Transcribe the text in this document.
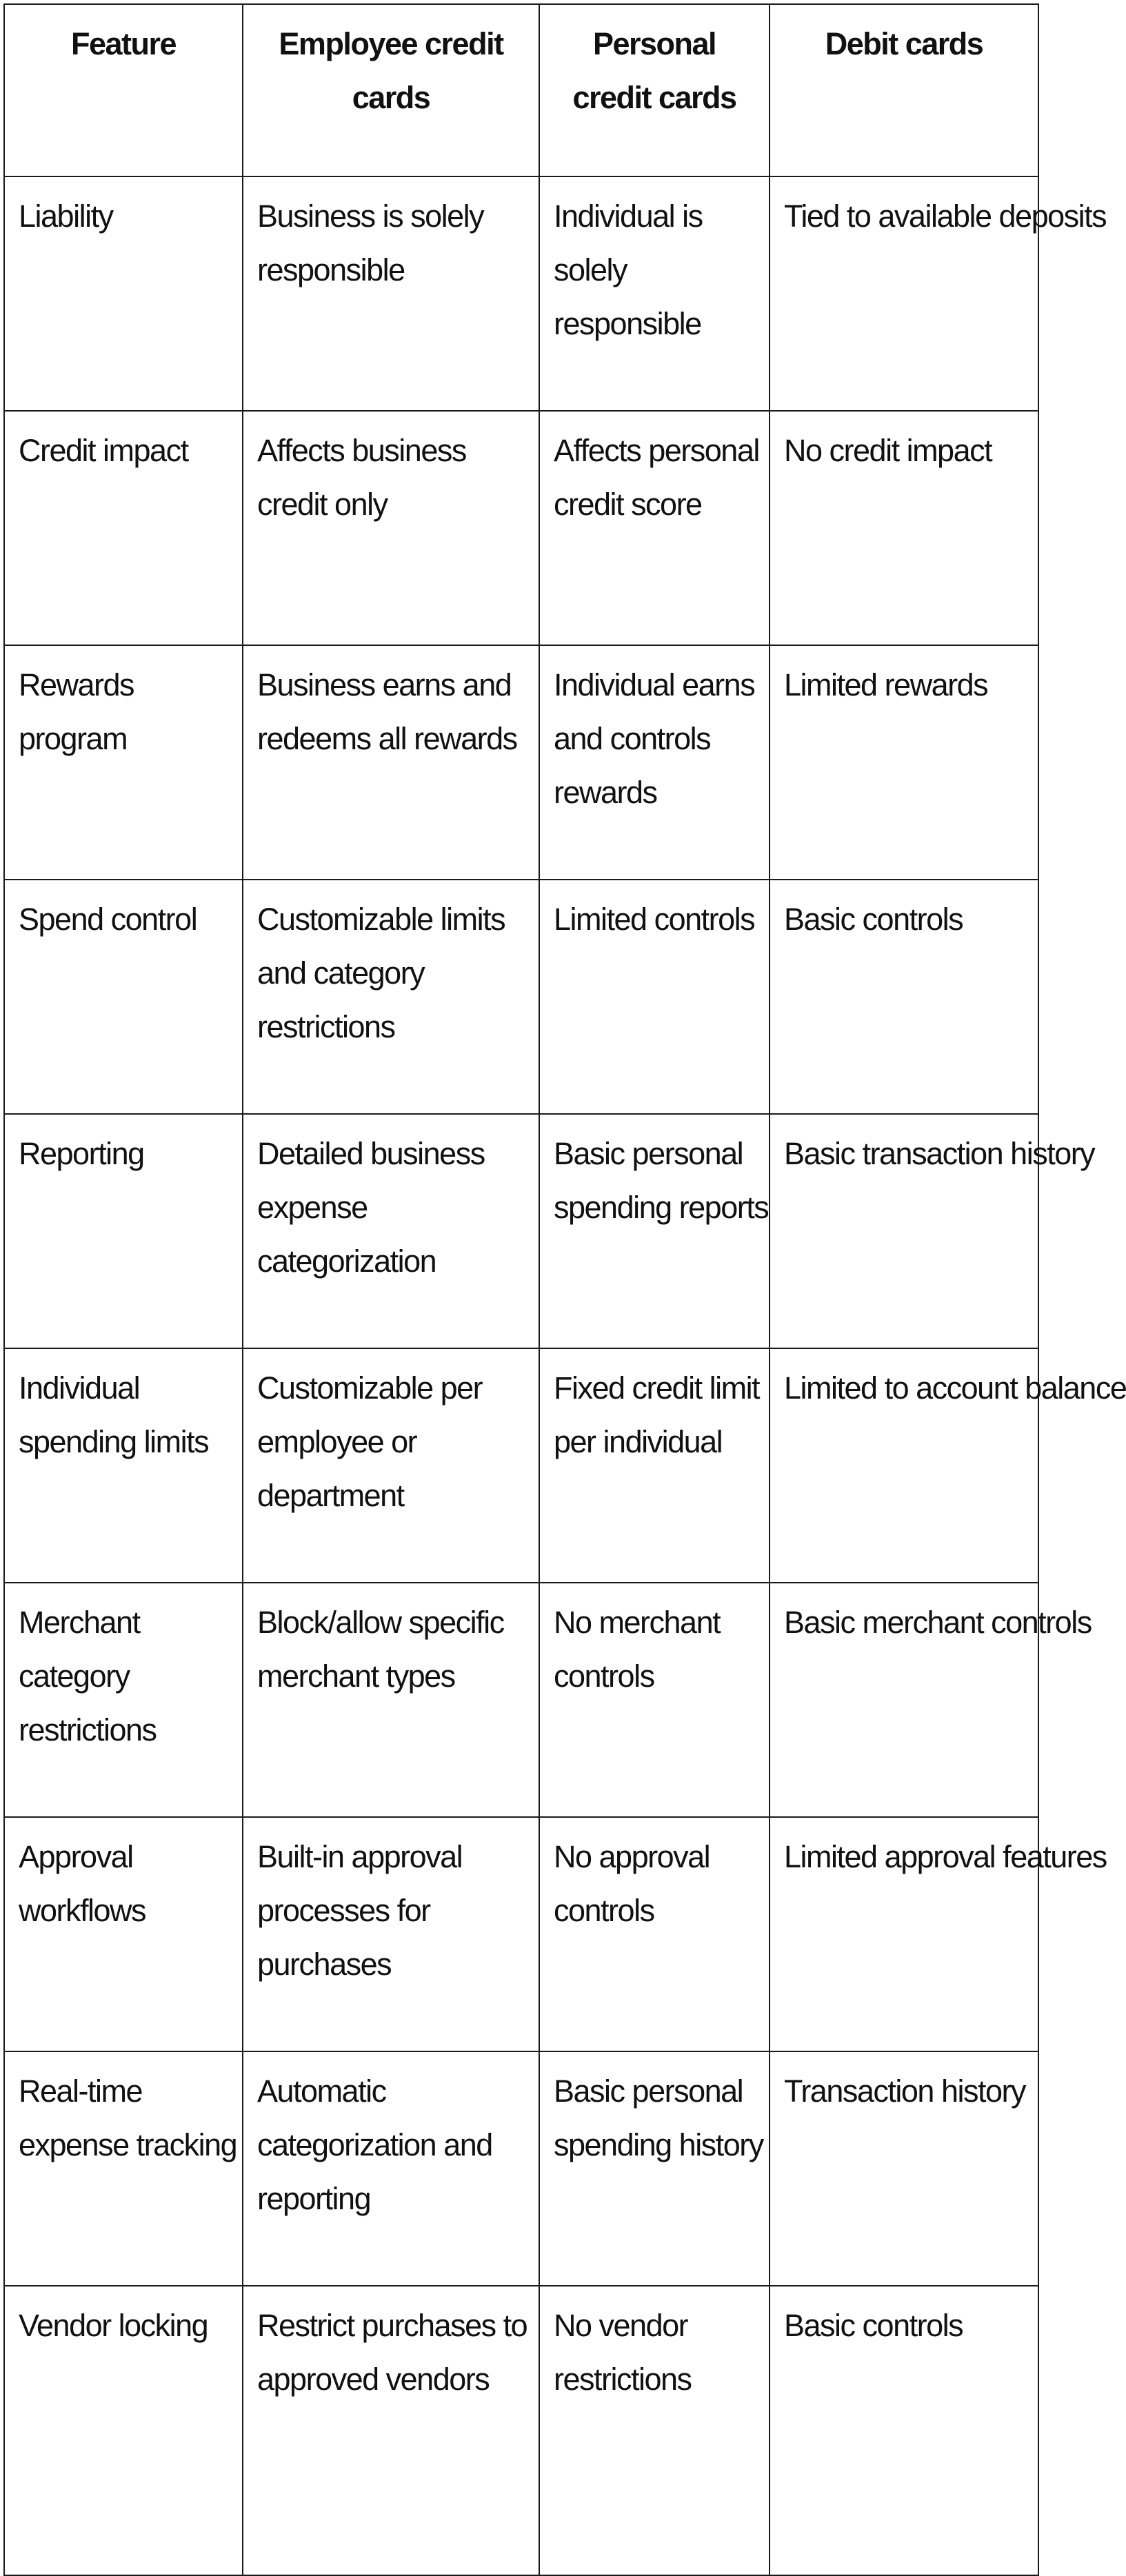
Feature	Employee credit cards	Personal credit cards	Debit cards
Liability	Business is solely responsible	Individual is solely responsible	Tied to available deposits
Credit impact	Affects business credit only	Affects personal credit score	No credit impact
Rewards program	Business earns and redeems all rewards	Individual earns and controls rewards	Limited rewards
Spend control	Customizable limits and category restrictions	Limited controls	Basic controls
Reporting	Detailed business expense categorization	Basic personal spending reports	Basic transaction history
Individual spending limits	Customizable per employee or department	Fixed credit limit per individual	Limited to account balance
Merchant category restrictions	Block/allow specific merchant types	No merchant controls	Basic merchant controls
Approval workflows	Built-in approval processes for purchases	No approval controls	Limited approval features
Real-time expense tracking	Automatic categorization and reporting	Basic personal spending history	Transaction history
Vendor locking	Restrict purchases to approved vendors	No vendor restrictions	Basic controls
